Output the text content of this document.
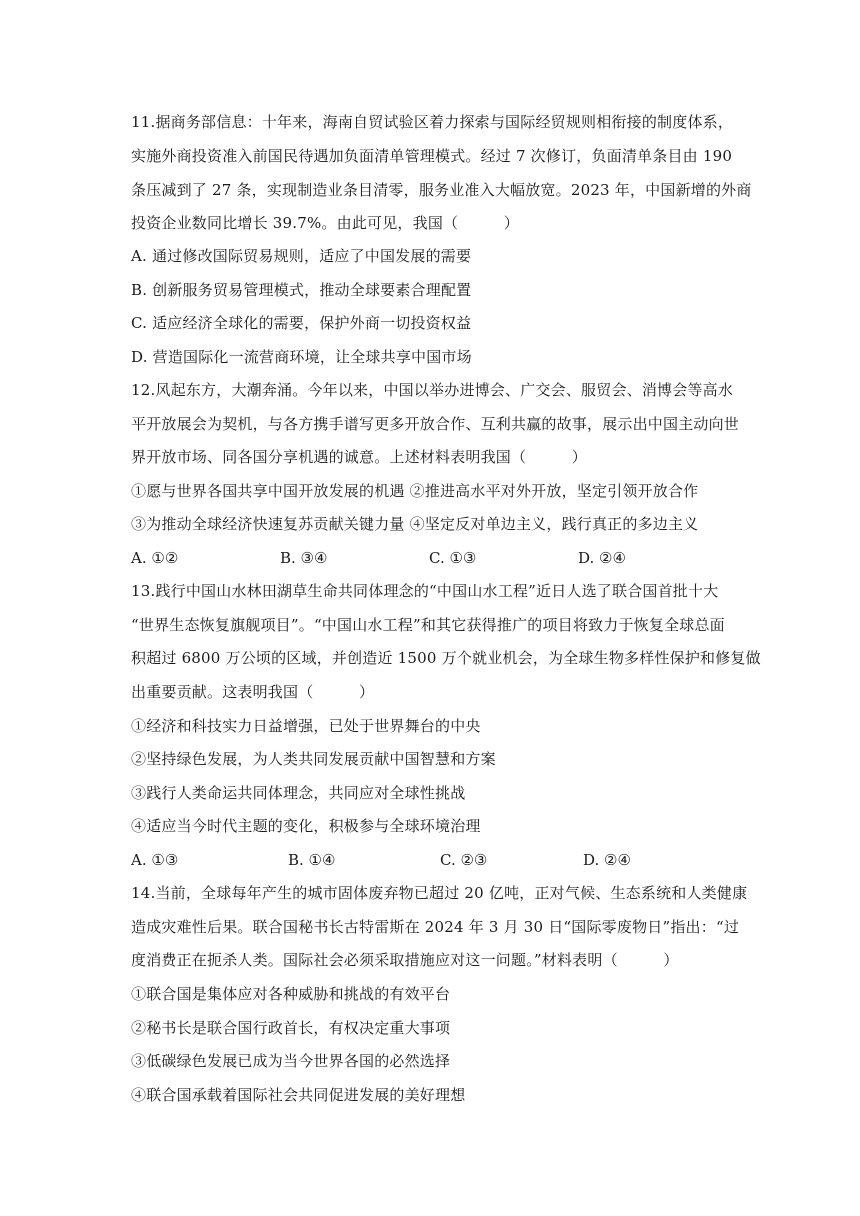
11.据商务部信息：十年来，海南自贸试验区着力探索与国际经贸规则相衔接的制度体系，
实施外商投资准入前国民待遇加负面清单管理模式。经过 7 次修订，负面清单条目由 190
条压减到了 27 条，实现制造业条目清零，服务业准入大幅放宽。2023 年，中国新增的外商
投资企业数同比增长 39.7%。由此可见，我国（　　　）
A. 通过修改国际贸易规则，适应了中国发展的需要
B. 创新服务贸易管理模式，推动全球要素合理配置
C. 适应经济全球化的需要，保护外商一切投资权益
D. 营造国际化一流营商环境，让全球共享中国市场
12.风起东方，大潮奔涌。今年以来，中国以举办进博会、广交会、服贸会、消博会等高水
平开放展会为契机，与各方携手谱写更多开放合作、互利共赢的故事，展示出中国主动向世
界开放市场、同各国分享机遇的诚意。上述材料表明我国（　　　）
①愿与世界各国共享中国开放发展的机遇 ②推进高水平对外开放，坚定引领开放合作
③为推动全球经济快速复苏贡献关键力量 ④坚定反对单边主义，践行真正的多边主义
A. ①②	B. ③④	C. ①③	D. ②④
13.践行中国山水林田湖草生命共同体理念的“中国山水工程”近日人选了联合国首批十大
“世界生态恢复旗舰项目”。“中国山水工程”和其它获得推广的项目将致力于恢复全球总面
积超过 6800 万公顷的区域，并创造近 1500 万个就业机会，为全球生物多样性保护和修复做
出重要贡献。这表明我国（　　　）
①经济和科技实力日益增强，已处于世界舞台的中央
②坚持绿色发展，为人类共同发展贡献中国智慧和方案
③践行人类命运共同体理念，共同应对全球性挑战
④适应当今时代主题的变化，积极参与全球环境治理
A. ①③	B. ①④	C. ②③	D. ②④
14.当前，全球每年产生的城市固体废弃物已超过 20 亿吨，正对气候、生态系统和人类健康
造成灾难性后果。联合国秘书长古特雷斯在 2024 年 3 月 30 日“国际零废物日”指出：“过
度消费正在扼杀人类。国际社会必须采取措施应对这一问题。”材料表明（　　　）
①联合国是集体应对各种威胁和挑战的有效平台
②秘书长是联合国行政首长，有权决定重大事项
③低碳绿色发展已成为当今世界各国的必然选择
④联合国承载着国际社会共同促进发展的美好理想
